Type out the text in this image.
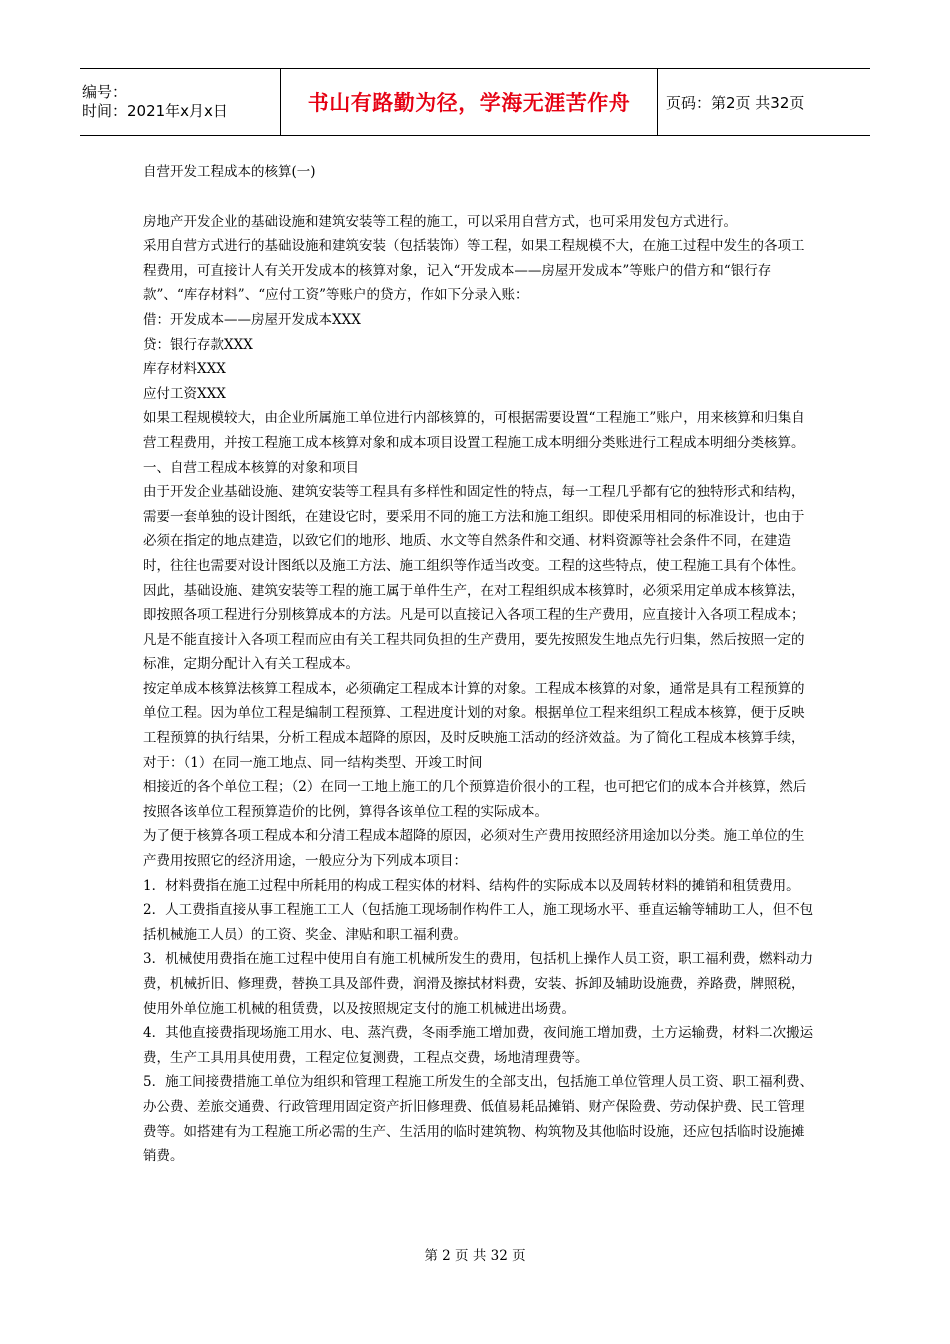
编号：
时间：2021年x月x日	书山有路勤为径，学海无涯苦作舟 页码：第2页 共32页

自营开发工程成本的核算(一)

房地产开发企业的基础设施和建筑安装等工程的施工，可以采用自营方式，也可采用发包方式进行。

采用自营方式进行的基础设施和建筑安装（包括装饰）等工程，如果工程规模不大，在施工过程中发生的各项工程费用，可直接计人有关开发成本的核算对象，记入“开发成本——房屋开发成本”等账户的借方和“银行存款”、“库存材料”、“应付工资”等账户的贷方，作如下分录入账：

借：开发成本——房屋开发成本XXX

贷：银行存款XXX

库存材料XXX

应付工资XXX

如果工程规模较大，由企业所属施工单位进行内部核算的，可根据需要设置“工程施工”账户，用来核算和归集自营工程费用，并按工程施工成本核算对象和成本项目设置工程施工成本明细分类账进行工程成本明细分类核算。

一、自营工程成本核算的对象和项目

由于开发企业基础设施、建筑安装等工程具有多样性和固定性的特点，每一工程几乎都有它的独特形式和结构，需要一套单独的设计图纸，在建设它时，要采用不同的施工方法和施工组织。即使采用相同的标准设计，也由于必须在指定的地点建造，以致它们的地形、地质、水文等自然条件和交通、材料资源等社会条件不同，在建造时，往往也需要对设计图纸以及施工方法、施工组织等作适当改变。工程的这些特点，使工程施工具有个体性。因此，基础设施、建筑安装等工程的施工属于单件生产，在对工程组织成本核算时，必须采用定单成本核算法，即按照各项工程进行分别核算成本的方法。凡是可以直接记入各项工程的生产费用，应直接计入各项工程成本；凡是不能直接计入各项工程而应由有关工程共同负担的生产费用，要先按照发生地点先行归集，然后按照一定的标准，定期分配计入有关工程成本。

按定单成本核算法核算工程成本，必须确定工程成本计算的对象。工程成本核算的对象，通常是具有工程预算的单位工程。因为单位工程是编制工程预算、工程进度计划的对象。根据单位工程来组织工程成本核算，便于反映工程预算的执行结果，分析工程成本超降的原因，及时反映施工活动的经济效益。为了简化工程成本核算手续，对于：（1）在同一施工地点、同一结构类型、开竣工时间

相接近的各个单位工程；（2）在同一工地上施工的几个预算造价很小的工程，也可把它们的成本合并核算，然后按照各该单位工程预算造价的比例，算得各该单位工程的实际成本。

为了便于核算各项工程成本和分清工程成本超降的原因，必须对生产费用按照经济用途加以分类。施工单位的生产费用按照它的经济用途，一般应分为下列成本项目：

1．材料费指在施工过程中所耗用的构成工程实体的材料、结构件的实际成本以及周转材料的摊销和租赁费用。

2．人工费指直接从事工程施工工人（包括施工现场制作构件工人，施工现场水平、垂直运输等辅助工人，但不包括机械施工人员）的工资、奖金、津贴和职工福利费。

3．机械使用费指在施工过程中使用自有施工机械所发生的费用，包括机上操作人员工资，职工福利费，燃料动力费，机械折旧、修理费，替换工具及部件费，润滑及擦拭材料费，安装、拆卸及辅助设施费，养路费，牌照税，使用外单位施工机械的租赁费，以及按照规定支付的施工机械进出场费。

4．其他直接费指现场施工用水、电、蒸汽费，冬雨季施工增加费，夜间施工增加费，土方运输费，材料二次搬运费，生产工具用具使用费，工程定位复测费，工程点交费，场地清理费等。

5．施工间接费措施工单位为组织和管理工程施工所发生的全部支出，包括施工单位管理人员工资、职工福利费、办公费、差旅交通费、行政管理用固定资产折旧修理费、低值易耗品摊销、财产保险费、劳动保护费、民工管理费等。如搭建有为工程施工所必需的生产、生活用的临时建筑物、构筑物及其他临时设施，还应包括临时设施摊销费。

第 2 页 共 32 页
